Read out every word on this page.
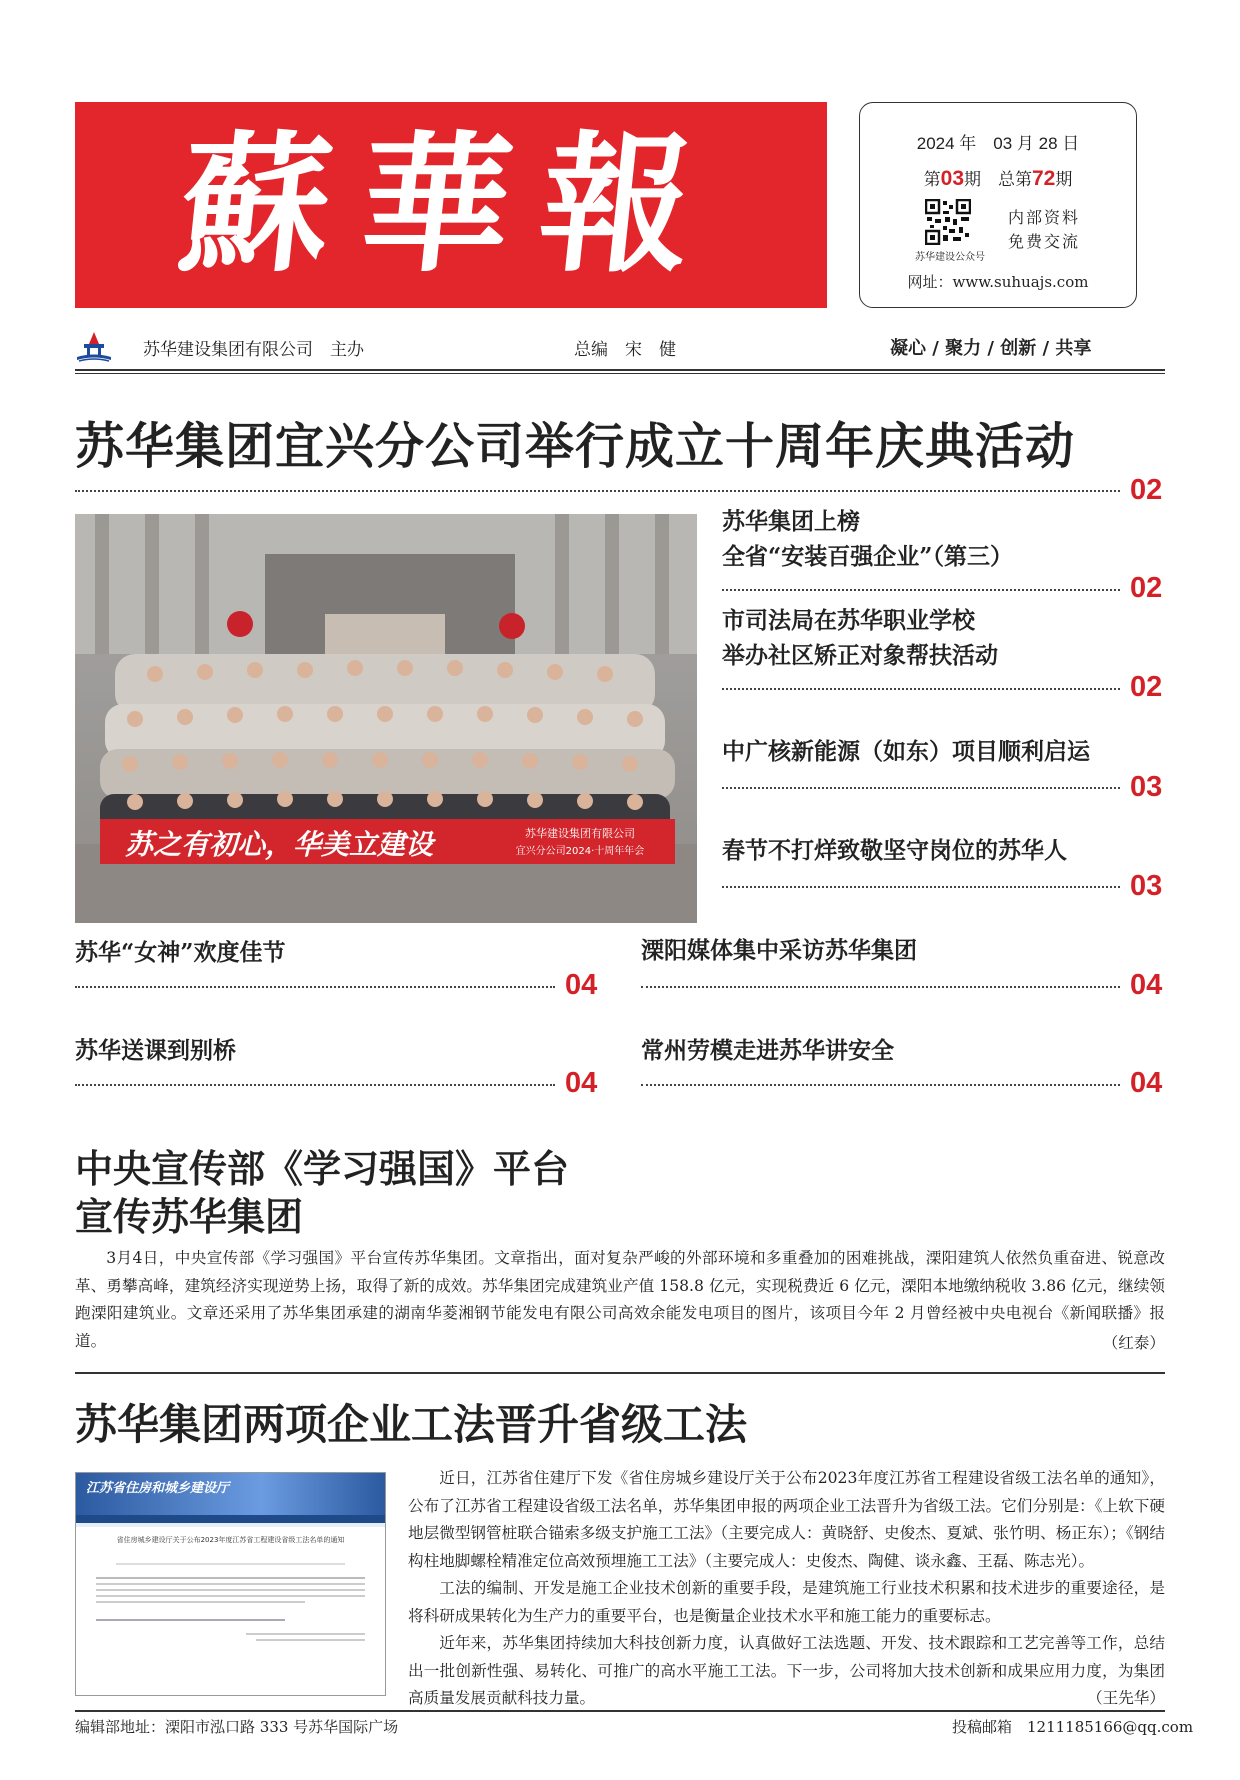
蘇華報	2024 年　03 月 28 日
第03期　总第72期
苏华建设公众号
内部资料
免费交流
网址：www.suhuajs.com
苏华建设集团有限公司　主办	总编　宋　健	凝心 / 聚力 / 创新 / 共享
苏华集团宜兴分公司举行成立十周年庆典活动
02
苏之有初心，华美立建设	苏华建设集团有限公司
宜兴分公司2024·十周年年会
苏华集团上榜
全省“安装百强企业”（第三）
02
市司法局在苏华职业学校
举办社区矫正对象帮扶活动
02
中广核新能源（如东）项目顺利启运
03
春节不打烊致敬坚守岗位的苏华人
03
苏华“女神”欢度佳节
04
溧阳媒体集中采访苏华集团
04
苏华送课到别桥
04
常州劳模走进苏华讲安全
04
中央宣传部《学习强国》平台
宣传苏华集团
3月4日，中央宣传部《学习强国》平台宣传苏华集团。文章指出，面对复杂严峻的外部环境和多重叠加的困难挑战，溧阳建筑人依然负重奋进、锐意改革、勇攀高峰，建筑经济实现逆势上扬，取得了新的成效。苏华集团完成建筑业产值 158.8 亿元，实现税费近 6 亿元，溧阳本地缴纳税收 3.86 亿元，继续领跑溧阳建筑业。文章还采用了苏华集团承建的湖南华菱湘钢节能发电有限公司高效余能发电项目的图片，该项目今年 2 月曾经被中央电视台《新闻联播》报道。	（红泰）
苏华集团两项企业工法晋升省级工法
江苏省住房和城乡建设厅
省住房城乡建设厅关于公布2023年度江苏省工程建设省级工法名单的通知
近日，江苏省住建厅下发《省住房城乡建设厅关于公布2023年度江苏省工程建设省级工法名单的通知》，公布了江苏省工程建设省级工法名单，苏华集团申报的两项企业工法晋升为省级工法。它们分别是：《上软下硬地层微型钢管桩联合锚索多级支护施工工法》（主要完成人：黄晓舒、史俊杰、夏斌、张竹明、杨正东）；《钢结构柱地脚螺栓精准定位高效预埋施工工法》（主要完成人：史俊杰、陶健、谈永鑫、王磊、陈志光）。
工法的编制、开发是施工企业技术创新的重要手段，是建筑施工行业技术积累和技术进步的重要途径，是将科研成果转化为生产力的重要平台，也是衡量企业技术水平和施工能力的重要标志。
近年来，苏华集团持续加大科技创新力度，认真做好工法选题、开发、技术跟踪和工艺完善等工作，总结出一批创新性强、易转化、可推广的高水平施工工法。下一步，公司将加大技术创新和成果应用力度，为集团高质量发展贡献科技力量。	（王先华）
编辑部地址：溧阳市泓口路 333 号苏华国际广场	投稿邮箱　1211185166@qq.com
